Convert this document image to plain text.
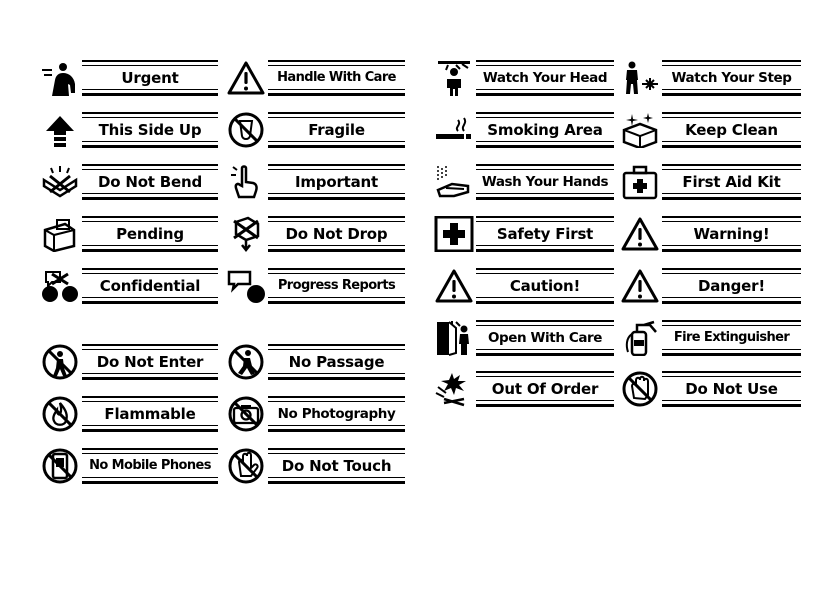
Urgent	Handle With Care
This Side Up	Fragile
Do Not Bend	Important
Pending	Do Not Drop
Confidential	Progress Reports
Do Not Enter	No Passage
Flammable	No Photography
No Mobile Phones	Do Not Touch
Watch Your Head	Watch Your Step
Smoking Area	Keep Clean
Wash Your Hands	First Aid Kit
Safety First	Warning!
Caution!	Danger!
Open With Care	Fire Extinguisher
Out Of Order	Do Not Use
